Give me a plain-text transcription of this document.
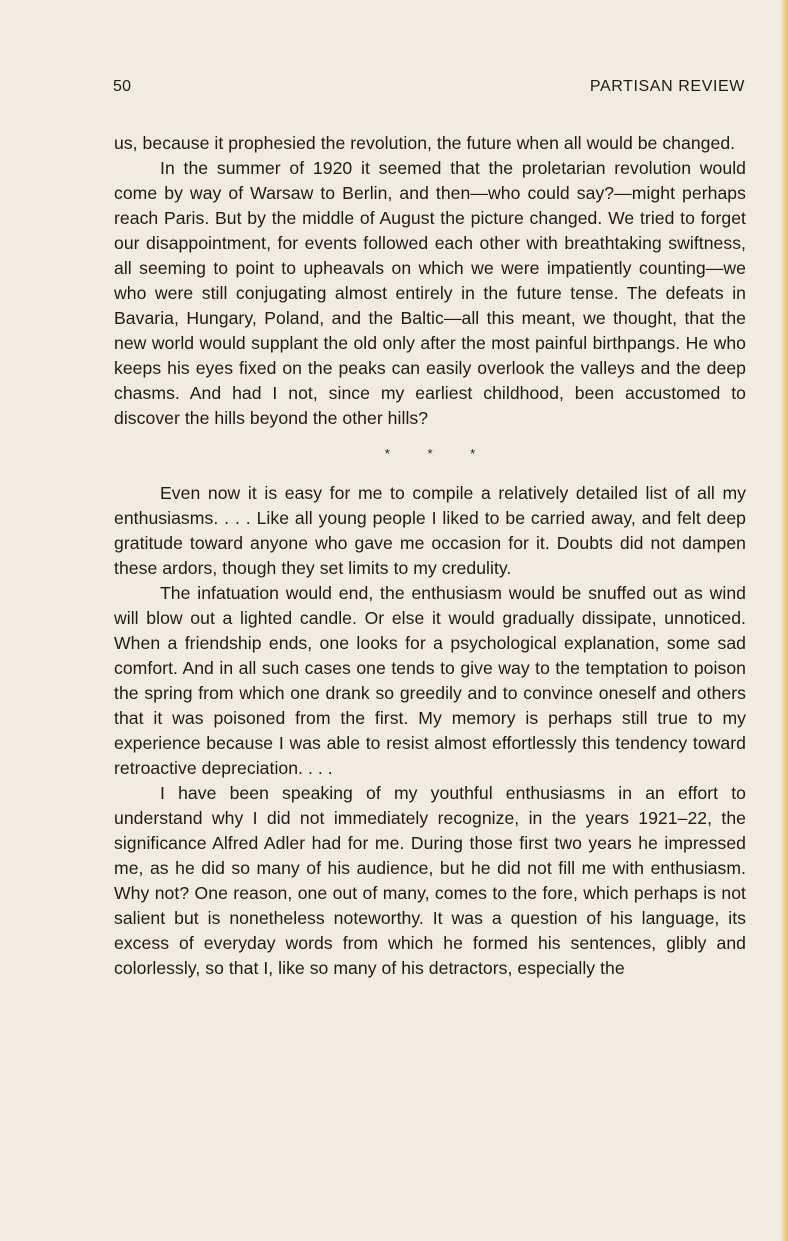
50	PARTISAN REVIEW

us, because it prophesied the revolution, the future when all would be changed.

In the summer of 1920 it seemed that the proletarian revolution would come by way of Warsaw to Berlin, and then—who could say?—might perhaps reach Paris. But by the middle of August the picture changed. We tried to forget our disappointment, for events followed each other with breathtaking swiftness, all seeming to point to upheavals on which we were impatiently counting—we who were still conjugating almost entirely in the future tense. The defeats in Bavaria, Hungary, Poland, and the Baltic—all this meant, we thought, that the new world would supplant the old only after the most painful birthpangs. He who keeps his eyes fixed on the peaks can easily overlook the valleys and the deep chasms. And had I not, since my earliest childhood, been accustomed to discover the hills beyond the other hills?

* * *

Even now it is easy for me to compile a relatively detailed list of all my enthusiasms. . . . Like all young people I liked to be carried away, and felt deep gratitude toward anyone who gave me occasion for it. Doubts did not dampen these ardors, though they set limits to my credulity.

The infatuation would end, the enthusiasm would be snuffed out as wind will blow out a lighted candle. Or else it would gradually dissipate, unnoticed. When a friendship ends, one looks for a psychological explanation, some sad comfort. And in all such cases one tends to give way to the temptation to poison the spring from which one drank so greedily and to convince oneself and others that it was poisoned from the first. My memory is perhaps still true to my experience because I was able to resist almost effortlessly this tendency toward retroactive depreciation. . . .

I have been speaking of my youthful enthusiasms in an effort to understand why I did not immediately recognize, in the years 1921–22, the significance Alfred Adler had for me. During those first two years he impressed me, as he did so many of his audience, but he did not fill me with enthusiasm. Why not? One reason, one out of many, comes to the fore, which perhaps is not salient but is nonetheless noteworthy. It was a question of his language, its excess of everyday words from which he formed his sentences, glibly and colorlessly, so that I, like so many of his detractors, especially the
